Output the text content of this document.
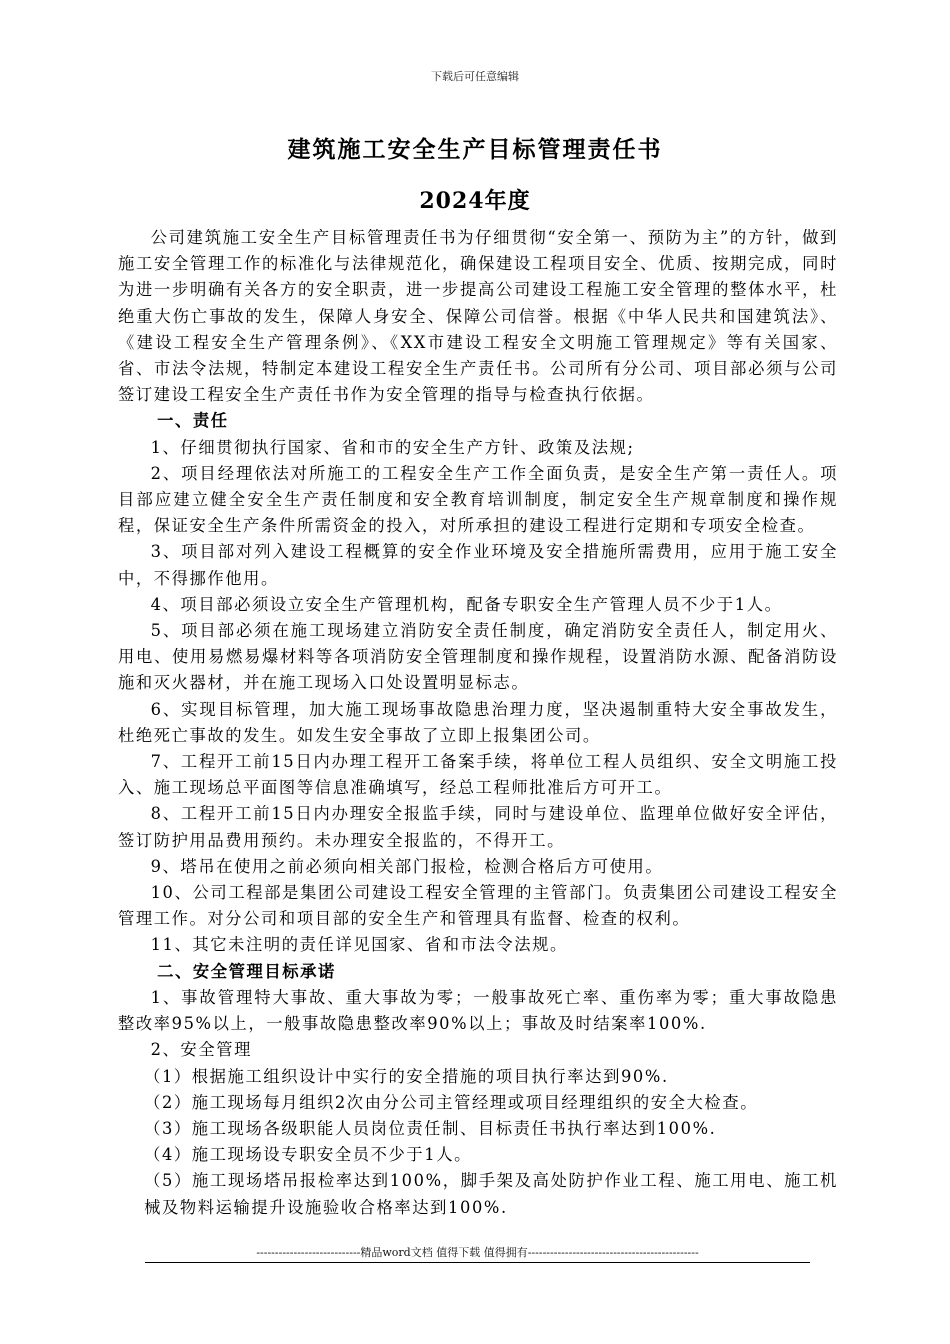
下载后可任意编辑
建筑施工安全生产目标管理责任书
2024年度

公司建筑施工安全生产目标管理责任书为仔细贯彻“安全第一、预防为主”的方针，做到施工安全管理工作的标准化与法律规范化，确保建设工程项目安全、优质、按期完成，同时为进一步明确有关各方的安全职责，进一步提高公司建设工程施工安全管理的整体水平，杜绝重大伤亡事故的发生，保障人身安全、保障公司信誉。根据《中华人民共和国建筑法》、《建设工程安全生产管理条例》、《XX市建设工程安全文明施工管理规定》等有关国家、省、市法令法规，特制定本建设工程安全生产责任书。公司所有分公司、项目部必须与公司签订建设工程安全生产责任书作为安全管理的指导与检查执行依据。

一、责任

1、仔细贯彻执行国家、省和市的安全生产方针、政策及法规;

2、项目经理依法对所施工的工程安全生产工作全面负责，是安全生产第一责任人。项目部应建立健全安全生产责任制度和安全教育培训制度，制定安全生产规章制度和操作规程，保证安全生产条件所需资金的投入，对所承担的建设工程进行定期和专项安全检查。

3、项目部对列入建设工程概算的安全作业环境及安全措施所需费用，应用于施工安全中，不得挪作他用。

4、项目部必须设立安全生产管理机构，配备专职安全生产管理人员不少于1人。

5、项目部必须在施工现场建立消防安全责任制度，确定消防安全责任人，制定用火、用电、使用易燃易爆材料等各项消防安全管理制度和操作规程，设置消防水源、配备消防设施和灭火器材，并在施工现场入口处设置明显标志。

6、实现目标管理，加大施工现场事故隐患治理力度，坚决遏制重特大安全事故发生，杜绝死亡事故的发生。如发生安全事故了立即上报集团公司。

7、工程开工前15日内办理工程开工备案手续，将单位工程人员组织、安全文明施工投入、施工现场总平面图等信息准确填写，经总工程师批准后方可开工。

8、工程开工前15日内办理安全报监手续，同时与建设单位、监理单位做好安全评估，签订防护用品费用预约。未办理安全报监的，不得开工。

9、塔吊在使用之前必须向相关部门报检，检测合格后方可使用。

10、公司工程部是集团公司建设工程安全管理的主管部门。负责集团公司建设工程安全管理工作。对分公司和项目部的安全生产和管理具有监督、检查的权利。

11、其它未注明的责任详见国家、省和市法令法规。

二、安全管理目标承诺

1、事故管理特大事故、重大事故为零；一般事故死亡率、重伤率为零；重大事故隐患整改率95%以上，一般事故隐患整改率90%以上；事故及时结案率100%.

2、安全管理

（1）根据施工组织设计中实行的安全措施的项目执行率达到90%.

（2）施工现场每月组织2次由分公司主管经理或项目经理组织的安全大检查。

（3）施工现场各级职能人员岗位责任制、目标责任书执行率达到100%.

（4）施工现场设专职安全员不少于1人。

（5）施工现场塔吊报检率达到100%，脚手架及高处防护作业工程、施工用电、施工机械及物料运输提升设施验收合格率达到100%.

----------------------------精品word文档 值得下载 值得拥有----------------------------------------------
